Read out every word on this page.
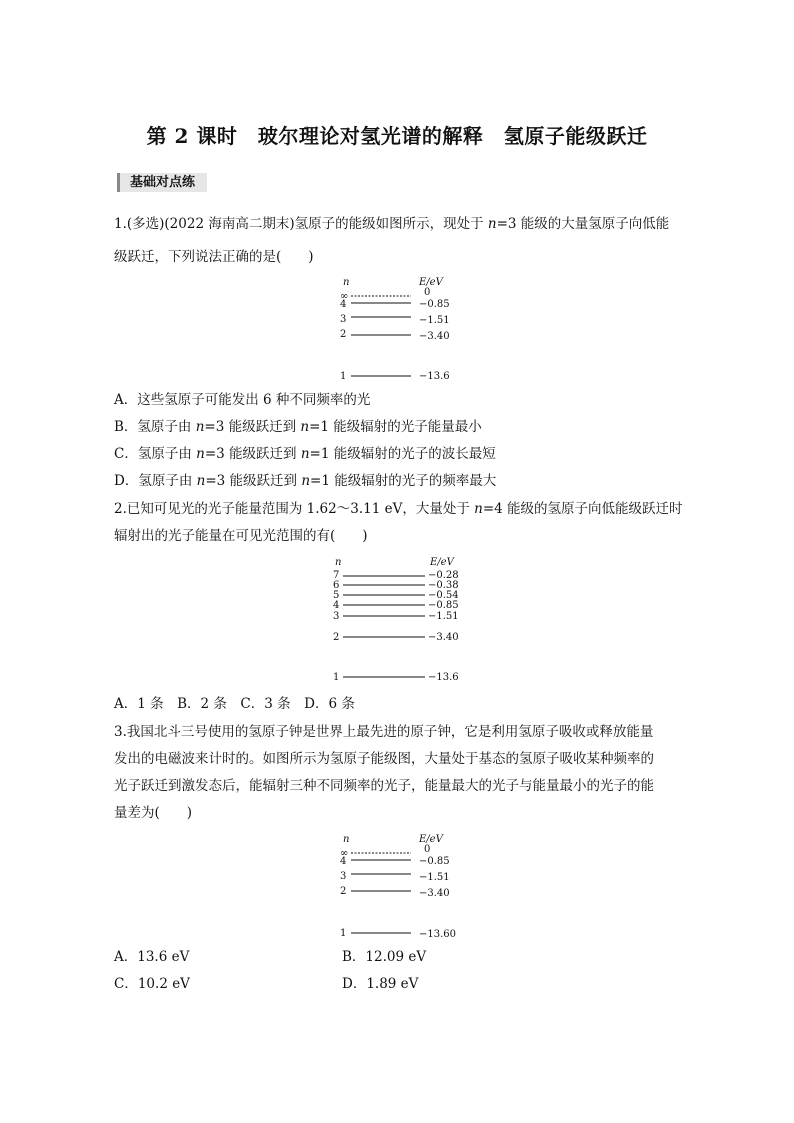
第 2 课时　玻尔理论对氢光谱的解释　氢原子能级跃迁
基础对点练
1.(多选)(2022 海南高二期末)氢原子的能级如图所示，现处于 n=3 能级的大量氢原子向低能
级跃迁，下列说法正确的是(　　)
n	E/eV
∞	0
4	−0.85
3	−1.51
2	−3.40
1	−13.6
A．这些氢原子可能发出 6 种不同频率的光
B．氢原子由 n=3 能级跃迁到 n=1 能级辐射的光子能量最小
C．氢原子由 n=3 能级跃迁到 n=1 能级辐射的光子的波长最短
D．氢原子由 n=3 能级跃迁到 n=1 能级辐射的光子的频率最大
2.已知可见光的光子能量范围为 1.62～3.11 eV，大量处于 n=4 能级的氢原子向低能级跃迁时
辐射出的光子能量在可见光范围的有(　　)
n	E/eV
7	−0.28
6	−0.38
5	−0.54
4	−0.85
3	−1.51
2	−3.40
1	−13.6
A．1 条　B．2 条　C．3 条　D．6 条
3.我国北斗三号使用的氢原子钟是世界上最先进的原子钟，它是利用氢原子吸收或释放能量
发出的电磁波来计时的。如图所示为氢原子能级图，大量处于基态的氢原子吸收某种频率的
光子跃迁到激发态后，能辐射三种不同频率的光子，能量最大的光子与能量最小的光子的能
量差为(　　)
n	E/eV
∞	0
4	−0.85
3	−1.51
2	−3.40
1	−13.60
A．13.6 eV	B．12.09 eV
C．10.2 eV	D．1.89 eV
